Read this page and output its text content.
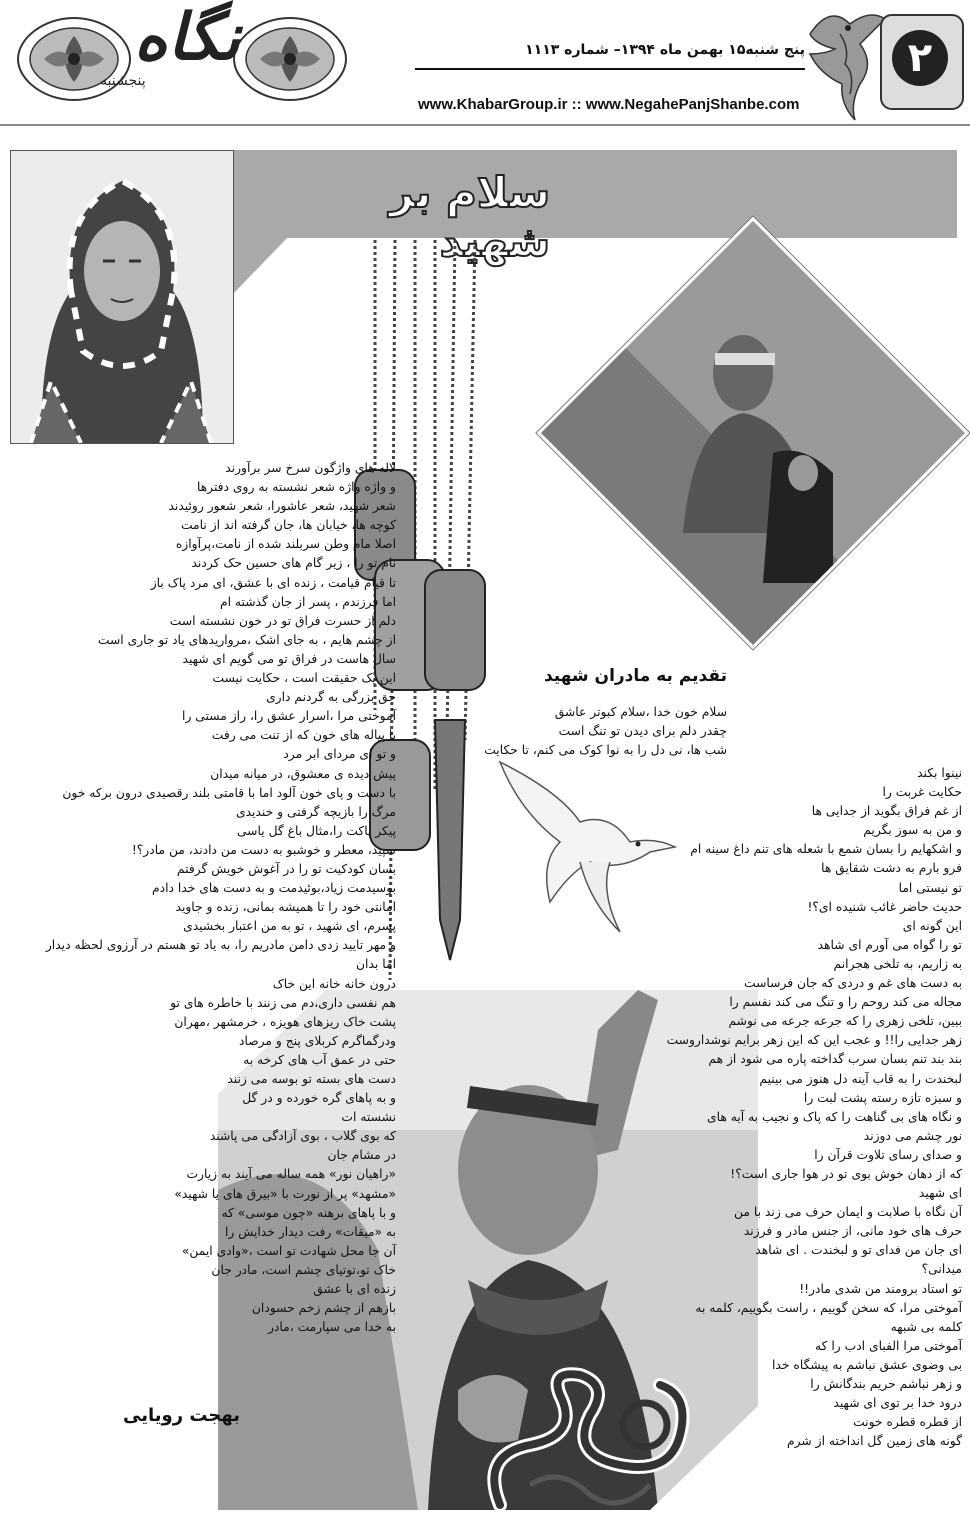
نگاه
پنجشنبه
پنج شنبه۱۵ بهمن ماه ۱۳۹۴– شماره ۱۱۱۳
www.KhabarGroup.ir :: www.NegahePanjShanbe.com
۲
سلام بر شهید
تقدیم به مادران شهید
لاله های واژگون سرخ سر برآورند
و واژه واژه شعر نشسته به روی دفترها
شعر شهید، شعر عاشورا، شعر شعور روئیدند
کوچه ها، خیابان ها، جان گرفته اند از نامت
اصلا مام وطن سربلند شده از نامت،پرآوازه
نام تو را ، زیر گام های حسین حک کردند
تا قیام قیامت ، زنده ای با عشق، ای مرد پاک باز
اما فرزندم ، پسر از جان گذشته ام
دلم از حسرت فراق تو در خون نشسته است
از چشم هایم ، به جای اشک ،مرواریدهای یاد تو جاری است
سال هاست در فراق تو می گویم ای شهید
این یک حقیقت است ، حکایت نیست
حق بزرگی به گردنم داری
آموختی مرا ،اسرار عشق را، راز مستی را
با پیاله های خون که از تنت می رفت
و تو ای مردای ابر مرد
پیش دیده ی معشوق، در میانه میدان
با دست و پای خون آلود اما با قامتی بلند رقصیدی درون برکه خون
مرگ را بازیچه گرفتی و خندیدی
پیکر پاکت را،مثال باغ گل یاسی
سپید، معطر و خوشبو به دست من دادند، من مادر؟!
بسان کودکیت تو را در آغوش خویش گرفتم
بوسیدمت زیاد،بوئیدمت و به دست های خدا دادم
امانتی خود را تا همیشه بمانی، زنده و جاوید
پسرم، ای شهید ، تو به من اعتبار بخشیدی
و مهر تایید زدی دامن مادریم را، به یاد تو هستم در آرزوی لحظه دیدار
اما بدان
درون خانه خانه این خاک
هم نفسی داری،دم می زنند با خاطره های تو
پشت خاک ریزهای هویزه ، خرمشهر ،مهران
ودرگماگرم کربلای پنج و مرصاد
حتی در عمق آب های کرخه به
دست های بسته تو بوسه می زنند
و به پاهای گره خورده و در گل
نشسته ات
که بوی گلاب ، بوی آزادگی می پاشند
در مشام جان
«راهیان نور» همه ساله می آیند به زیارت
«مشهد» پر از نورت با «بیرق های یا شهید»
و با پاهای برهنه «چون موسی» که
به «میقات» رفت دیدار خدایش را
آن جا محل شهادت تو است ،«وادی ایمن»
خاک تو،توتیای چشم است، مادر جان
زنده ای با عشق
بازهم از چشم زخم حسودان
به خدا می سپارمت ،مادر
سلام خون خدا ،سلام کبوتر عاشق
چقدر دلم برای دیدن تو تنگ است
شب ها، نی دل را به نوا کوک می کنم، تا حکایت
نینوا بکند
حکایت غربت را
از غم فراق بگوید از جدایی ها
و من به سوز بگریم
و اشکهایم را بسان شمع با شعله های تنم داغ سینه ام
فرو بارم به دشت شقایق ها
تو نیستی اما
حدیث حاضر غائب شنیده ای؟!
این گونه ای
تو را گواه می آورم ای شاهد
به زاریم، به تلخی هجرانم
به دست های غم و دردی که جان فرساست
مجاله می کند روحم را و تنگ می کند نفسم را
ببین، تلخی زهری را که جرعه جرعه می نوشم
زهر جدایی را!! و عجب این که این زهر برایم نوشداروست
بند بند تنم بسان سرب گداخته پاره می شود از هم
لبخندت را به قاب آینه دل هنوز می بینیم
و سبزه تازه رسته پشت لبت را
و نگاه های بی گناهت را که پاک و نجیب به آیه های
نور چشم می دوزند
و صدای رسای تلاوت قرآن را
که از دهان خوش بوی تو در هوا جاری است؟!
ای شهید
آن نگاه با صلابت و ایمان حرف می زند با من
حرف های خود مانی، از جنس مادر و فرزند
ای جان من فدای تو و لبخندت . ای شاهد
میدانی؟
تو استاد برومند من شدی مادر!!
آموختی مرا، که سخن گوییم ، راست بگوییم، کلمه به
کلمه بی شبهه
آموختی مرا الفبای ادب را که
بی وضوی عشق نباشم به پیشگاه خدا
و زهر نباشم حریم بندگانش را
درود خدا بر توی ای شهید
از قطره قطره خونت
گونه های زمین گل انداخته از شرم
بهجت رویایی
